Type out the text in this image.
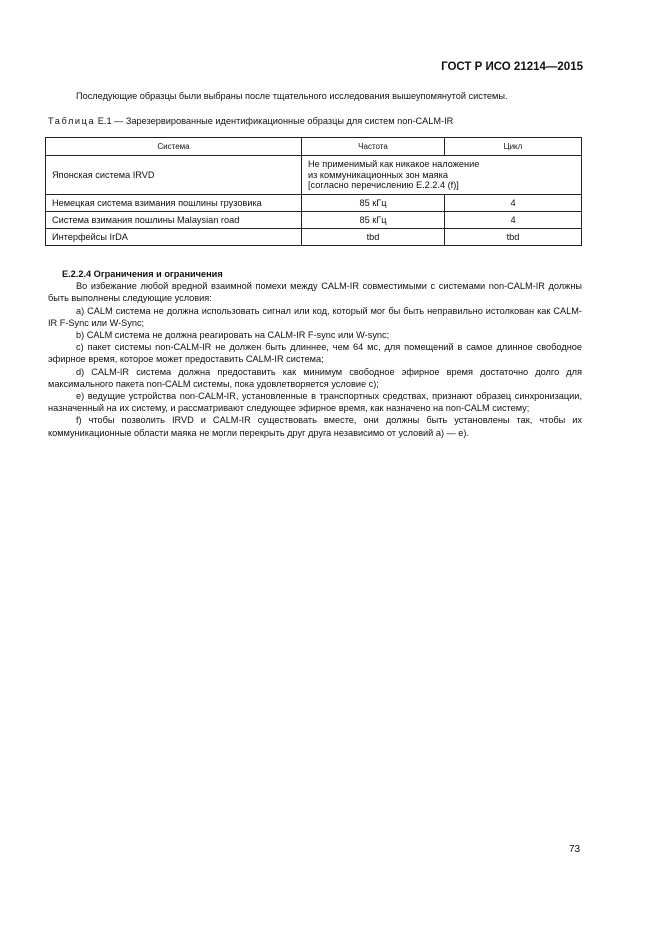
ГОСТ Р ИСО 21214—2015
Последующие образцы были выбраны после тщательного исследования вышеупомянутой системы.
Таблица Е.1 — Зарезервированные идентификационные образцы для систем non-CALM-IR
Система	Частота	Цикл
Японская система IRVD	Не применимый как никакое наложение
из коммуникационных зон маяка
[согласно перечислению Е.2.2.4 (f)]	

Немецкая система взимания пошлины грузовика	85 кГц	4
Система взимания пошлины Malaysian road	85 кГц	4
Интерфейсы IrDA	tbd	tbd

Е.2.2.4 Ограничения и ограничения

Во избежание любой вредной взаимной помехи между CALM-IR совместимыми с системами non-CALM-IR должны быть выполнены следующие условия:

a) CALM система не должна использовать сигнал или код, который мог бы быть неправильно истолкован как CALM-IR F-Sync или W-Sync;

b) CALM система не должна реагировать на CALM-IR F-sync или W-sync;

c) пакет системы non-CALM-IR не должен быть длиннее, чем 64 мс, для помещений в самое длинное свободное эфирное время, которое может предоставить CALM-IR система;

d) CALM-IR система должна предоставить как минимум свободное эфирное время достаточно долго для максимального пакета non-CALM системы, пока удовлетворяется условие с);

e) ведущие устройства non-CALM-IR, установленные в транспортных средствах, признают образец синхронизации, назначенный на их систему, и рассматривают следующее эфирное время, как назначено на non-CALM систему;

f) чтобы позволить IRVD и CALM-IR существовать вместе, они должны быть установлены так, чтобы их коммуникационные области маяка не могли перекрыть друг друга независимо от условий а) — е).

73
